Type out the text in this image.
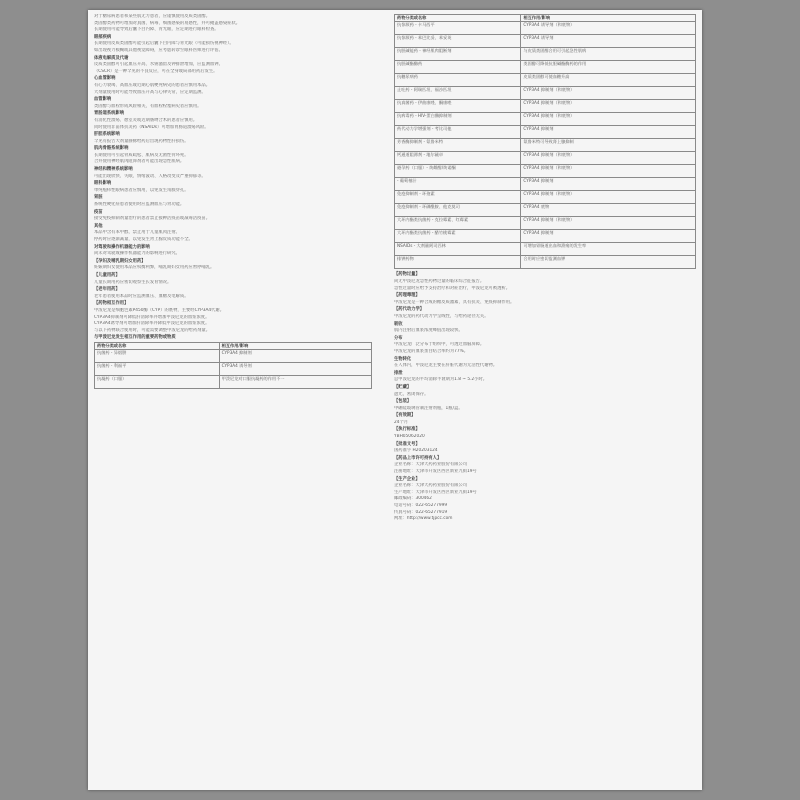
对于糖尿病患者和某些肌无力患者，应谨慎使用皮质类固醇。
类固醇类药物可增加对真菌、病毒、细菌感染的易感性，并可掩盖感染症状。
长期使用可能导致后囊下白内障、青光眼，应定期进行眼科检查。
眼部疾病
长期使用皮质类固醇可能引起后囊下白内障与青光眼（可能损伤视神经）。
如出现视力模糊或其他视觉障碍，应考虑转诊至眼科医师进行评估。
体液电解质及代谢
皮质类固醇可引起血压升高、水钠潴留及钾排泄增加，应监测血钾。
（CSCR）是一种罕见的不良反应，可在全身或局部用药后发生。
心血管影响
有心力衰竭、高血压或近期心肌梗死病史的患者应慎用本品。
大剂量使用时可能导致血压升高与心律失常，应定期监测。
血管影响
类固醇与血栓形成风险相关，有血栓栓塞病史者应慎用。
胃肠道系统影响
有消化性溃疡、憩室炎或近期肠吻合术的患者应慎用。
同时使用非甾体抗炎药（NSAIDs）可增加胃肠道溃疡风险。
肝胆系统影响
罕见有报告大剂量静脉给药后出现药物性肝损伤。
肌肉骨骼系统影响
长期使用可引起骨质疏松、肌病及无菌性骨坏死。
合并使用神经肌肉阻滞剂者可能出现急性肌病。
神经和精神系统影响
可能出现欣快、失眠、情绪波动、人格改变及严重抑郁等。
眼科影响
单纯疱疹性眼病患者应慎用，以免发生角膜穿孔。
肾脏
系统性硬化症患者使用时应监测血压与肾功能。
疫苗
接受免疫抑制剂量治疗的患者禁止接种活疫苗或减毒活疫苗。
其他
本品中含有苯甲醇，禁止用于儿童肌肉注射。
停药时应逐渐减量，以免发生肾上腺皮质功能不全。
对驾驶和操作机器能力的影响
尚未对驾驶或操作机器能力的影响进行研究。
【孕妇及哺乳期妇女用药】
妊娠期妇女使用本品应权衡利弊，哺乳期妇女用药应暂停哺乳。
【儿童用药】
儿童长期用药应密切观察生长发育情况。
【老年用药】
老年患者使用本品时应监测血压、血糖及电解质。
【药物相互作用】
甲泼尼龙是细胞色素P450酶（CYP）的底物，主要经CYP3A4代谢。
CYP3A4抑制剂可降低肝清除率并增加甲泼尼龙的血浆浓度。
CYP3A4诱导剂可增加肝清除率并降低甲泼尼龙的血浆浓度。
与以下药物联合使用时，可能需要调整甲泼尼龙的给药剂量。
与甲泼尼龙发生相互作用的重要药物或物质
药物分类或名称	相互作用/影响
抗菌药 - 异烟肼	CYP3A4 抑制剂
抗菌药 - 利福平	CYP3A4 诱导剂
抗凝药（口服）	甲泼尼龙对口服抗凝药的作用不一
药物分类或名称	相互作用/影响
抗惊厥药 - 卡马西平	CYP3A4 诱导剂（和底物）
抗惊厥药 - 苯巴比妥、苯妥英	CYP3A4 诱导剂
抗胆碱能药 - 神经肌肉阻断剂	与皮质类固醇合用可引起急性肌病
抗胆碱酯酶药	类固醇可降低抗胆碱酯酶药的作用
抗糖尿病药	皮质类固醇可使血糖升高
止吐药 - 阿瑞匹坦、福沙匹坦	CYP3A4 抑制剂（和底物）
抗真菌药 - 伊曲康唑、酮康唑	CYP3A4 抑制剂（和底物）
抗病毒药 - HIV-蛋白酶抑制剂	CYP3A4 抑制剂（和底物）
药代动力学增强剂 - 考比司他	CYP3A4 抑制剂
芳香酶抑制剂 - 氨鲁米特	氨鲁米特可导致肾上腺抑制
钙通道阻滞剂 - 地尔硫卓	CYP3A4 抑制剂（和底物）
避孕药（口服）- 炔雌醇/炔诺酮	CYP3A4 抑制剂（和底物）
- 葡萄柚汁	CYP3A4 抑制剂
免疫抑制剂 - 环孢素	CYP3A4 抑制剂（和底物）
免疫抑制剂 - 环磷酰胺、他克莫司	CYP3A4 底物
大环内酯类抗菌药 - 克拉霉素、红霉素	CYP3A4 抑制剂（和底物）
大环内酯类抗菌药 - 醋竹桃霉素	CYP3A4 抑制剂
NSAIDs - 大剂量阿司匹林	可增加胃肠道出血和溃疡的发生率
排钾药物	合用时应密切监测血钾
【药物过量】
尚无甲泼尼龙急性药物过量的临床综合征报告。
急性过量时应给予支持治疗和对症治疗，甲泼尼龙可被透析。
【药理毒理】
甲泼尼龙是一种合成的糖皮质激素，具有抗炎、免疫抑制作用。
【药代动力学】
甲泼尼龙的药代动力学呈线性，与给药途径无关。
吸收
肌内注射后血浆浓度峰值出现较快。
分布
甲泼尼龙广泛分布于组织中，可透过血脑屏障。
甲泼尼龙的血浆蛋白结合率约为77%。
生物转化
在人体内，甲泼尼龙主要在肝脏代谢为无活性代谢物。
排泄
总甲泼尼龙的平均消除半衰期为1.8 ~ 5.2小时。
【贮藏】
遮光，密闭保存。
【包装】
中硼硅玻璃管制注射剂瓶，1瓶/盒。
【有效期】
24个月
【执行标准】
YBH05062020
【批准文号】
国药准字 H20203124
【药品上市许可持有人】
企业名称：天津天药药业股份有限公司
注册地址：天津市开发区西区新业九街19号
【生产企业】
企业名称：天津天药药业股份有限公司
生产地址：天津市开发区西区新业九街19号
邮政编码：300462
电话号码：022-65277999
传真号码：022-65277919
网址：http://www.tjpcc.com
